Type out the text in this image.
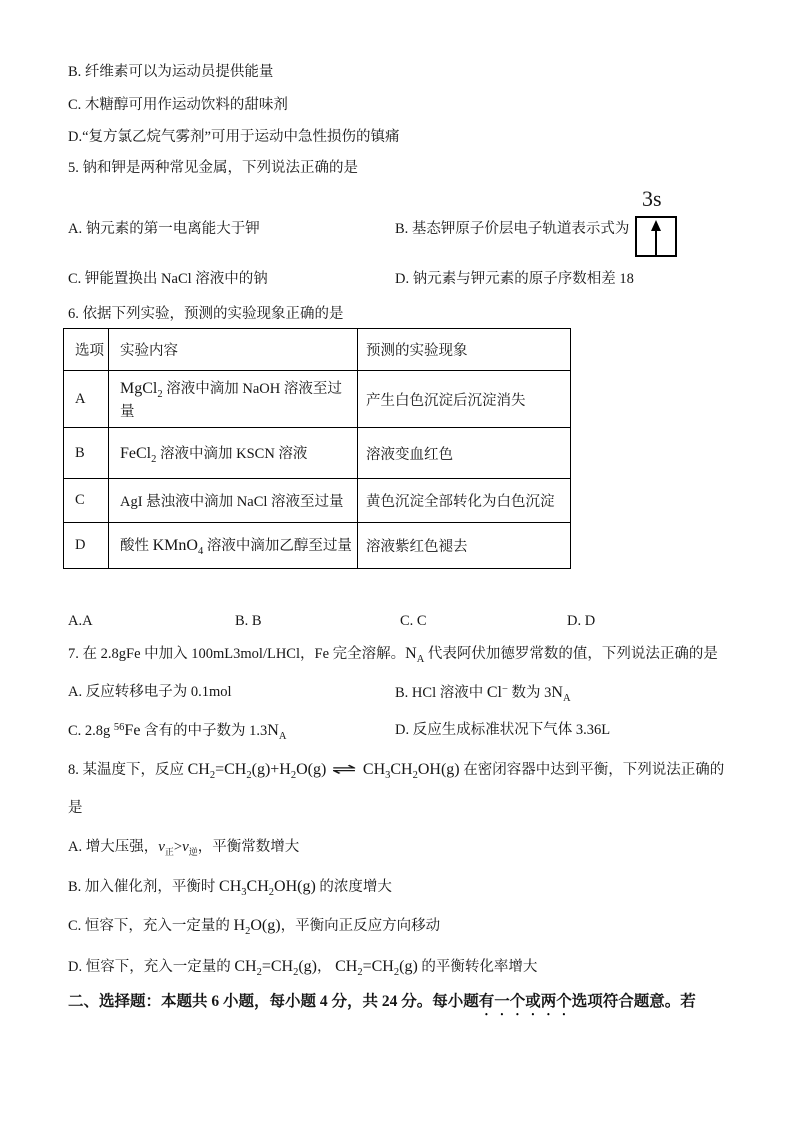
B. 纤维素可以为运动员提供能量
C. 木糖醇可用作运动饮料的甜味剂
D.“复方氯乙烷气雾剂”可用于运动中急性损伤的镇痛
5. 钠和钾是两种常见金属，下列说法正确的是
A. 钠元素的第一电离能大于钾	B. 基态钾原子价层电子轨道表示式为
3s
C. 钾能置换出 NaCl 溶液中的钠	D. 钠元素与钾元素的原子序数相差 18
6. 依据下列实验，预测的实验现象正确的是
选项	实验内容	预测的实验现象
A	MgCl$_2$ 溶液中滴加 NaOH 溶液至过量	产生白色沉淀后沉淀消失
B	FeCl$_2$ 溶液中滴加 KSCN 溶液	溶液变血红色
C	AgI 悬浊液中滴加 NaCl 溶液至过量	黄色沉淀全部转化为白色沉淀
D	酸性 KMnO$_4$ 溶液中滴加乙醇至过量	溶液紫红色褪去
A.A	B. B	C. C	D. D
7. 在 2.8gFe 中加入 100mL3mol/LHCl，Fe 完全溶解。$N_A$ 代表阿伏加德罗常数的值，下列说法正确的是
A. 反应转移电子为 0.1mol	B. HCl 溶液中 Cl− 数为 $3N_A$
C. 2.8g $^{56}$Fe 含有的中子数为 $1.3N_A$	D. 反应生成标准状况下气体 3.36L
8. 某温度下，反应 $CH_2=CH_2(g)+H_2O(g)$ ⇌ $CH_3CH_2OH(g)$ 在密闭容器中达到平衡，下列说法正确的
是
A. 增大压强，$v_正>v_逆$，平衡常数增大
B. 加入催化剂，平衡时 $CH_3CH_2OH(g)$ 的浓度增大
C. 恒容下，充入一定量的 $H_2O(g)$，平衡向正反应方向移动
D. 恒容下，充入一定量的 $CH_2=CH_2(g)$， $CH_2=CH_2(g)$ 的平衡转化率增大
二、选择题：本题共 6 小题，每小题 4 分，共 24 分。每小题有一个或两个选项符合题意。若
